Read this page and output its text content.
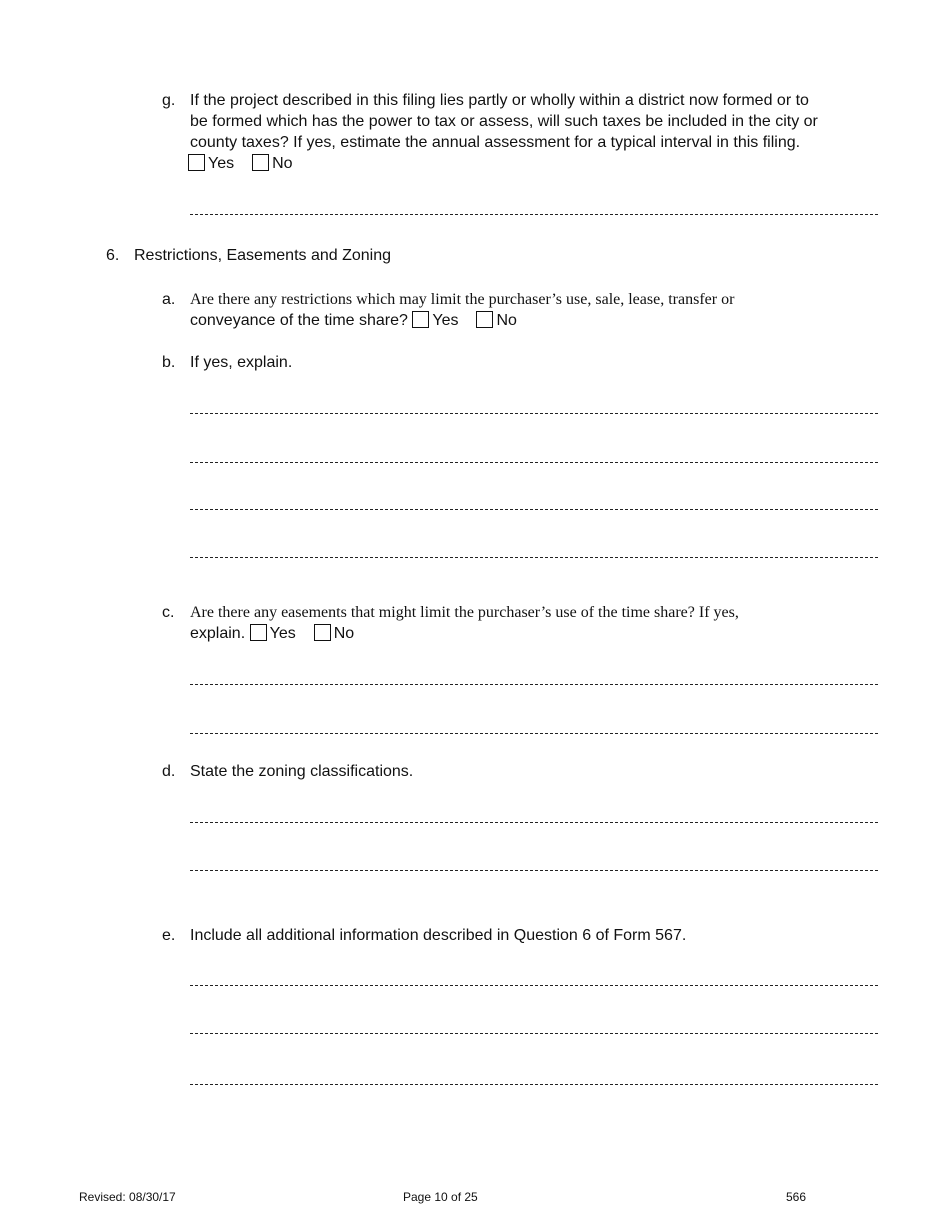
g. If the project described in this filing lies partly or wholly within a district now formed or to
be formed which has the power to tax or assess, will such taxes be included in the city or
county taxes? If yes, estimate the annual assessment for a typical interval in this filing.
Yes No
6. Restrictions, Easements and Zoning
a. Are there any restrictions which may limit the purchaser’s use, sale, lease, transfer or
conveyance of the time share? Yes No
b. If yes, explain.
c. Are there any easements that might limit the purchaser’s use of the time share? If yes,
explain. Yes No
d. State the zoning classifications.
e. Include all additional information described in Question 6 of Form 567.
Revised: 08/30/17	Page 10 of 25	566
